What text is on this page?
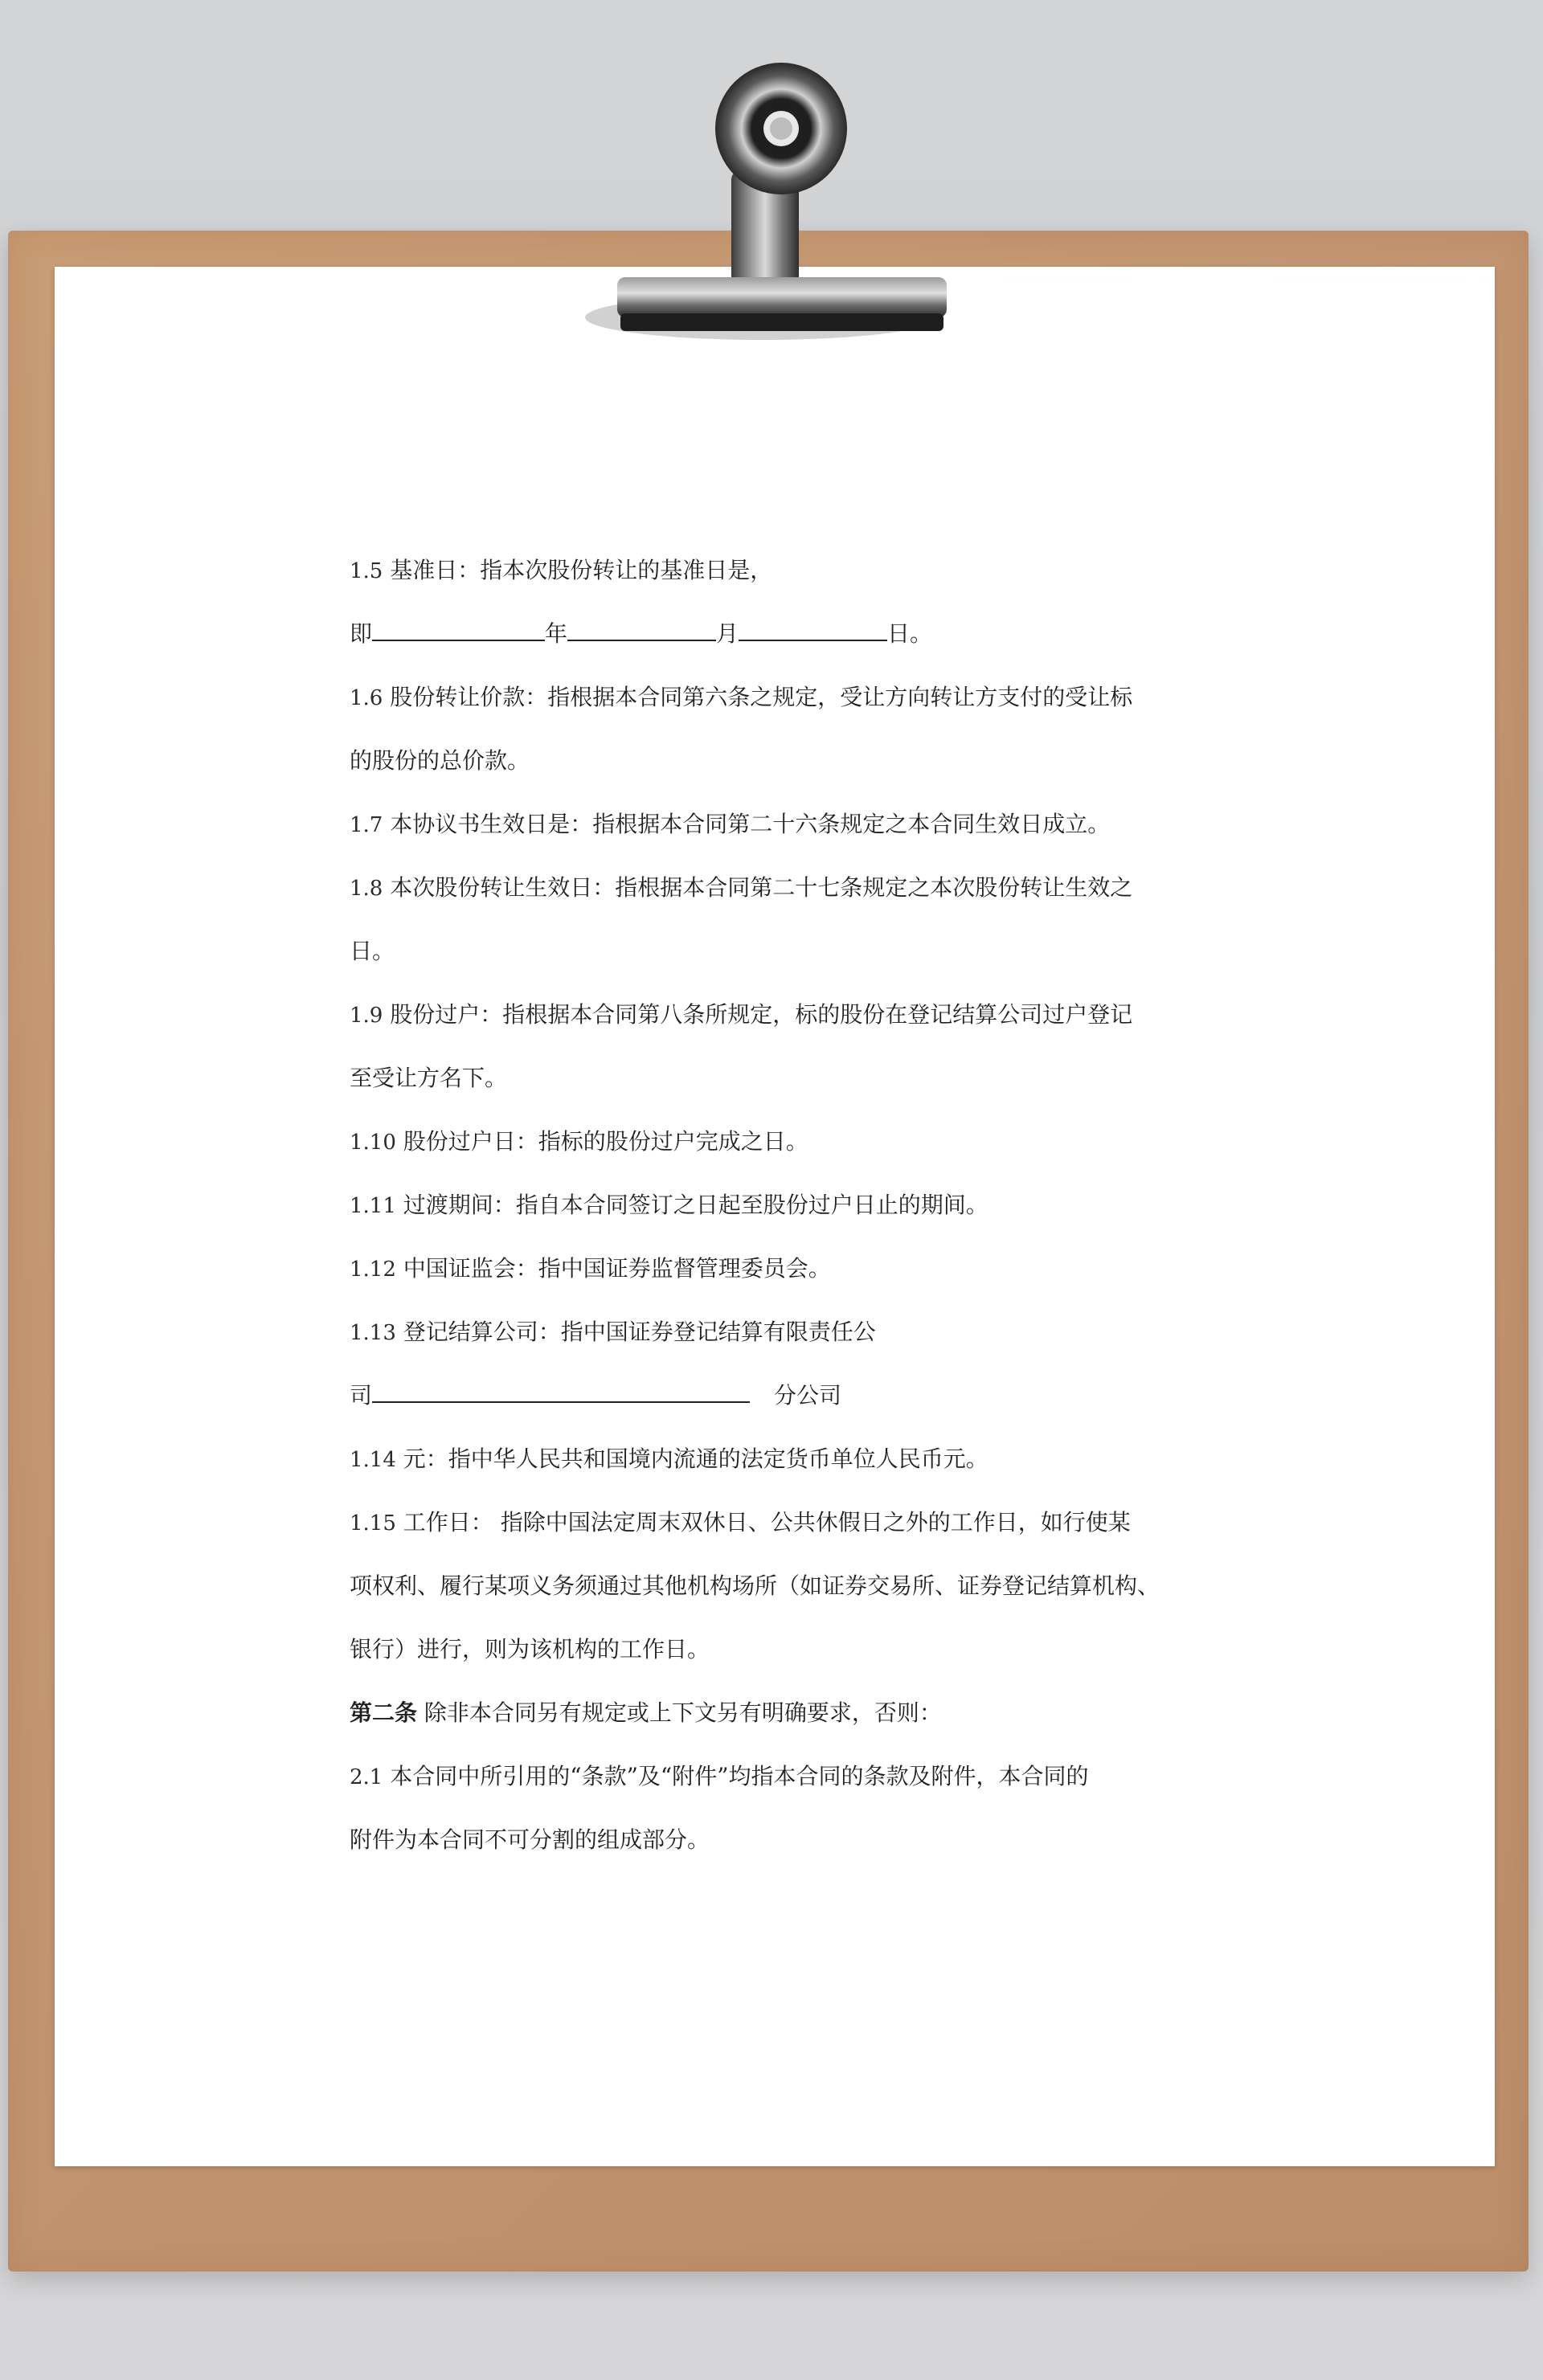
1.5 基准日：指本次股份转让的基准日是，
即	年	月	日。
1.6 股份转让价款：指根据本合同第六条之规定，受让方向转让方支付的受让标
的股份的总价款。
1.7 本协议书生效日是：指根据本合同第二十六条规定之本合同生效日成立。
1.8 本次股份转让生效日：指根据本合同第二十七条规定之本次股份转让生效之
日。
1.9 股份过户：指根据本合同第八条所规定，标的股份在登记结算公司过户登记
至受让方名下。
1.10 股份过户日：指标的股份过户完成之日。
1.11 过渡期间：指自本合同签订之日起至股份过户日止的期间。
1.12 中国证监会：指中国证券监督管理委员会。
1.13 登记结算公司：指中国证券登记结算有限责任公
司	分公司
1.14 元：指中华人民共和国境内流通的法定货币单位人民币元。
1.15 工作日： 指除中国法定周末双休日、公共休假日之外的工作日，如行使某
项权利、履行某项义务须通过其他机构场所（如证券交易所、证券登记结算机构、
银行）进行，则为该机构的工作日。
第二条 除非本合同另有规定或上下文另有明确要求，否则：
2.1 本合同中所引用的“条款”及“附件”均指本合同的条款及附件，本合同的
附件为本合同不可分割的组成部分。
